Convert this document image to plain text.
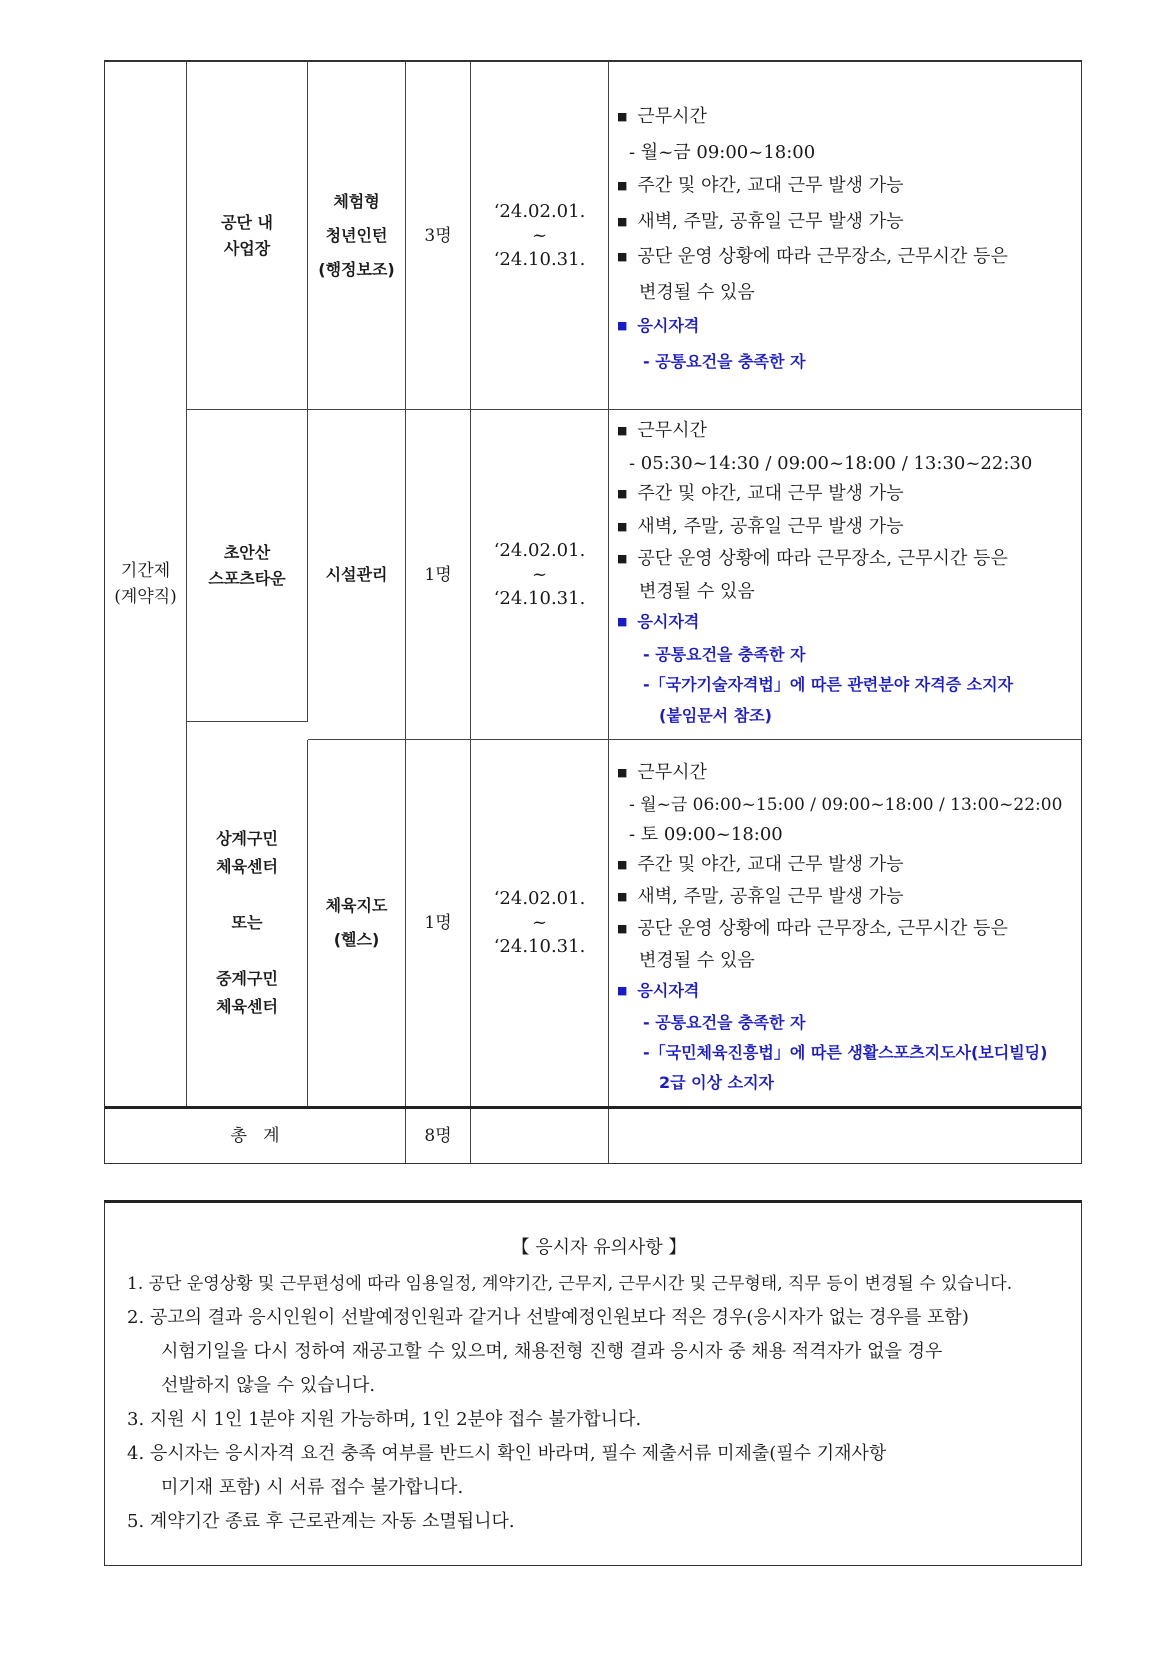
기간제
(계약직)
공단 내
사업장
체험형
청년인턴
(행정보조)
3명
‘24.02.01.
~
‘24.10.31.
■ 근무시간
- 월~금 09:00~18:00
■ 주간 및 야간, 교대 근무 발생 가능
■ 새벽, 주말, 공휴일 근무 발생 가능
■ 공단 운영 상황에 따라 근무장소, 근무시간 등은
변경될 수 있음
■ 응시자격
- 공통요건을 충족한 자
초안산
스포츠타운 시설관리	1명
‘24.02.01.
~
‘24.10.31.
■ 근무시간
- 05:30~14:30 / 09:00~18:00 / 13:30~22:30
■ 주간 및 야간, 교대 근무 발생 가능
■ 새벽, 주말, 공휴일 근무 발생 가능
■ 공단 운영 상황에 따라 근무장소, 근무시간 등은
변경될 수 있음
■ 응시자격
- 공통요건을 충족한 자
-「국가기술자격법」에 따른 관련분야 자격증 소지자
(붙임문서 참조)
상계구민
체육센터

또는

중계구민
체육센터
체육지도
(헬스)
1명
‘24.02.01.
~
‘24.10.31.
■ 근무시간
- 월~금 06:00~15:00 / 09:00~18:00 / 13:00~22:00
- 토 09:00~18:00
■ 주간 및 야간, 교대 근무 발생 가능
■ 새벽, 주말, 공휴일 근무 발생 가능
■ 공단 운영 상황에 따라 근무장소, 근무시간 등은
변경될 수 있음
■ 응시자격
- 공통요건을 충족한 자
-「국민체육진흥법」에 따른 생활스포츠지도사(보디빌딩)
2급 이상 소지자
총   계	8명
【 응시자 유의사항 】
1. 공단 운영상황 및 근무편성에 따라 임용일정, 계약기간, 근무지, 근무시간 및 근무형태, 직무 등이 변경될 수 있습니다.
2. 공고의 결과 응시인원이 선발예정인원과 같거나 선발예정인원보다 적은 경우(응시자가 없는 경우를 포함)
시험기일을 다시 정하여 재공고할 수 있으며, 채용전형 진행 결과 응시자 중 채용 적격자가 없을 경우
선발하지 않을 수 있습니다.
3. 지원 시 1인 1분야 지원 가능하며, 1인 2분야 접수 불가합니다.
4. 응시자는 응시자격 요건 충족 여부를 반드시 확인 바라며, 필수 제출서류 미제출(필수 기재사항
미기재 포함) 시 서류 접수 불가합니다.
5. 계약기간 종료 후 근로관계는 자동 소멸됩니다.
